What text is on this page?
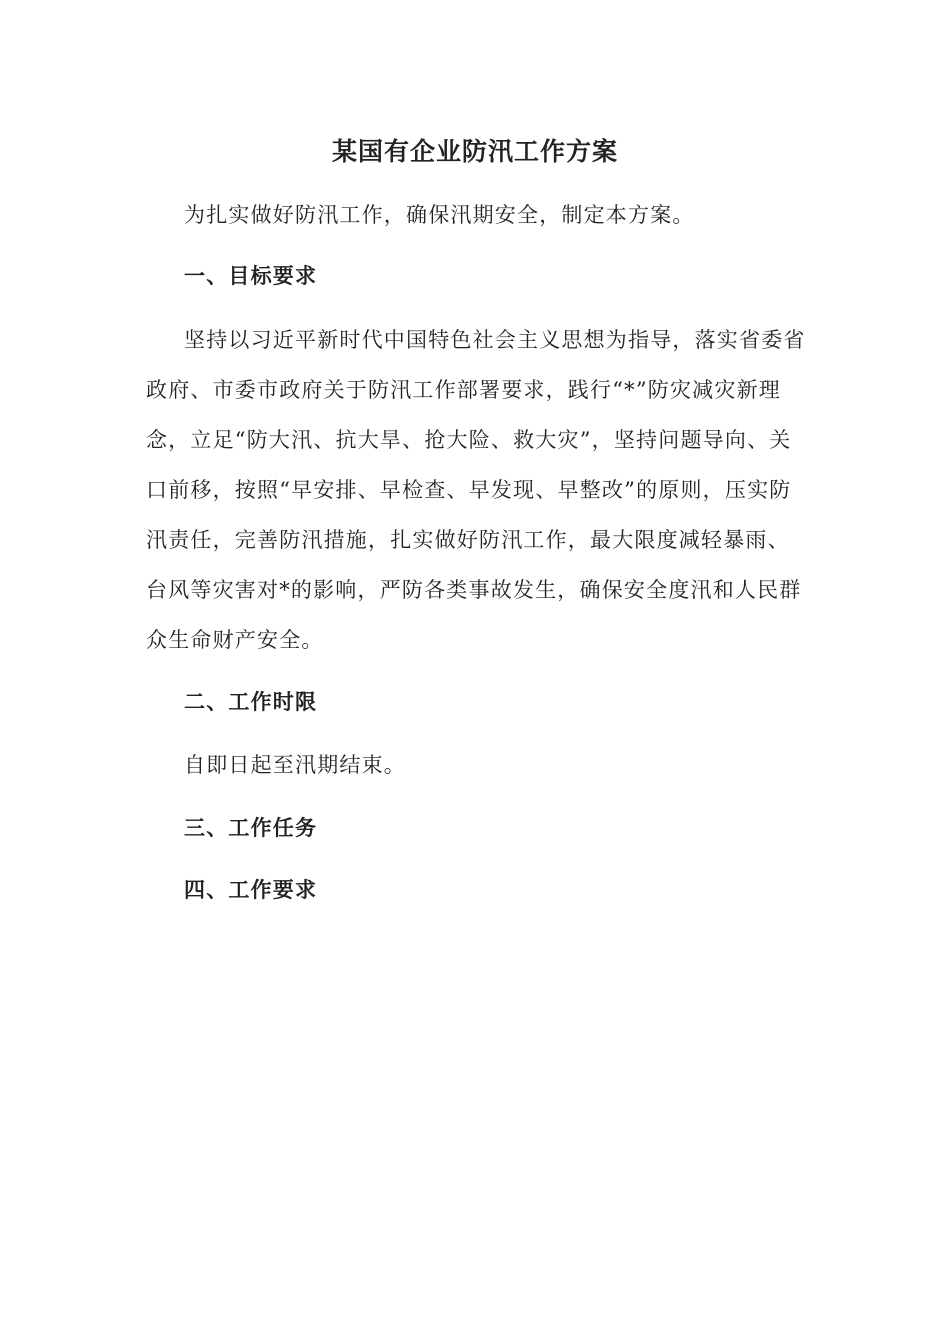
某国有企业防汛工作方案

为扎实做好防汛工作，确保汛期安全，制定本方案。

一、目标要求

坚持以习近平新时代中国特色社会主义思想为指导，落实省委省政府、市委市政府关于防汛工作部署要求，践行“*”防灾减灾新理念，立足“防大汛、抗大旱、抢大险、救大灾”，坚持问题导向、关口前移，按照“早安排、早检查、早发现、早整改”的原则，压实防汛责任，完善防汛措施，扎实做好防汛工作，最大限度减轻暴雨、台风等灾害对*的影响，严防各类事故发生，确保安全度汛和人民群众生命财产安全。

二、工作时限

自即日起至汛期结束。

三、工作任务

四、工作要求
